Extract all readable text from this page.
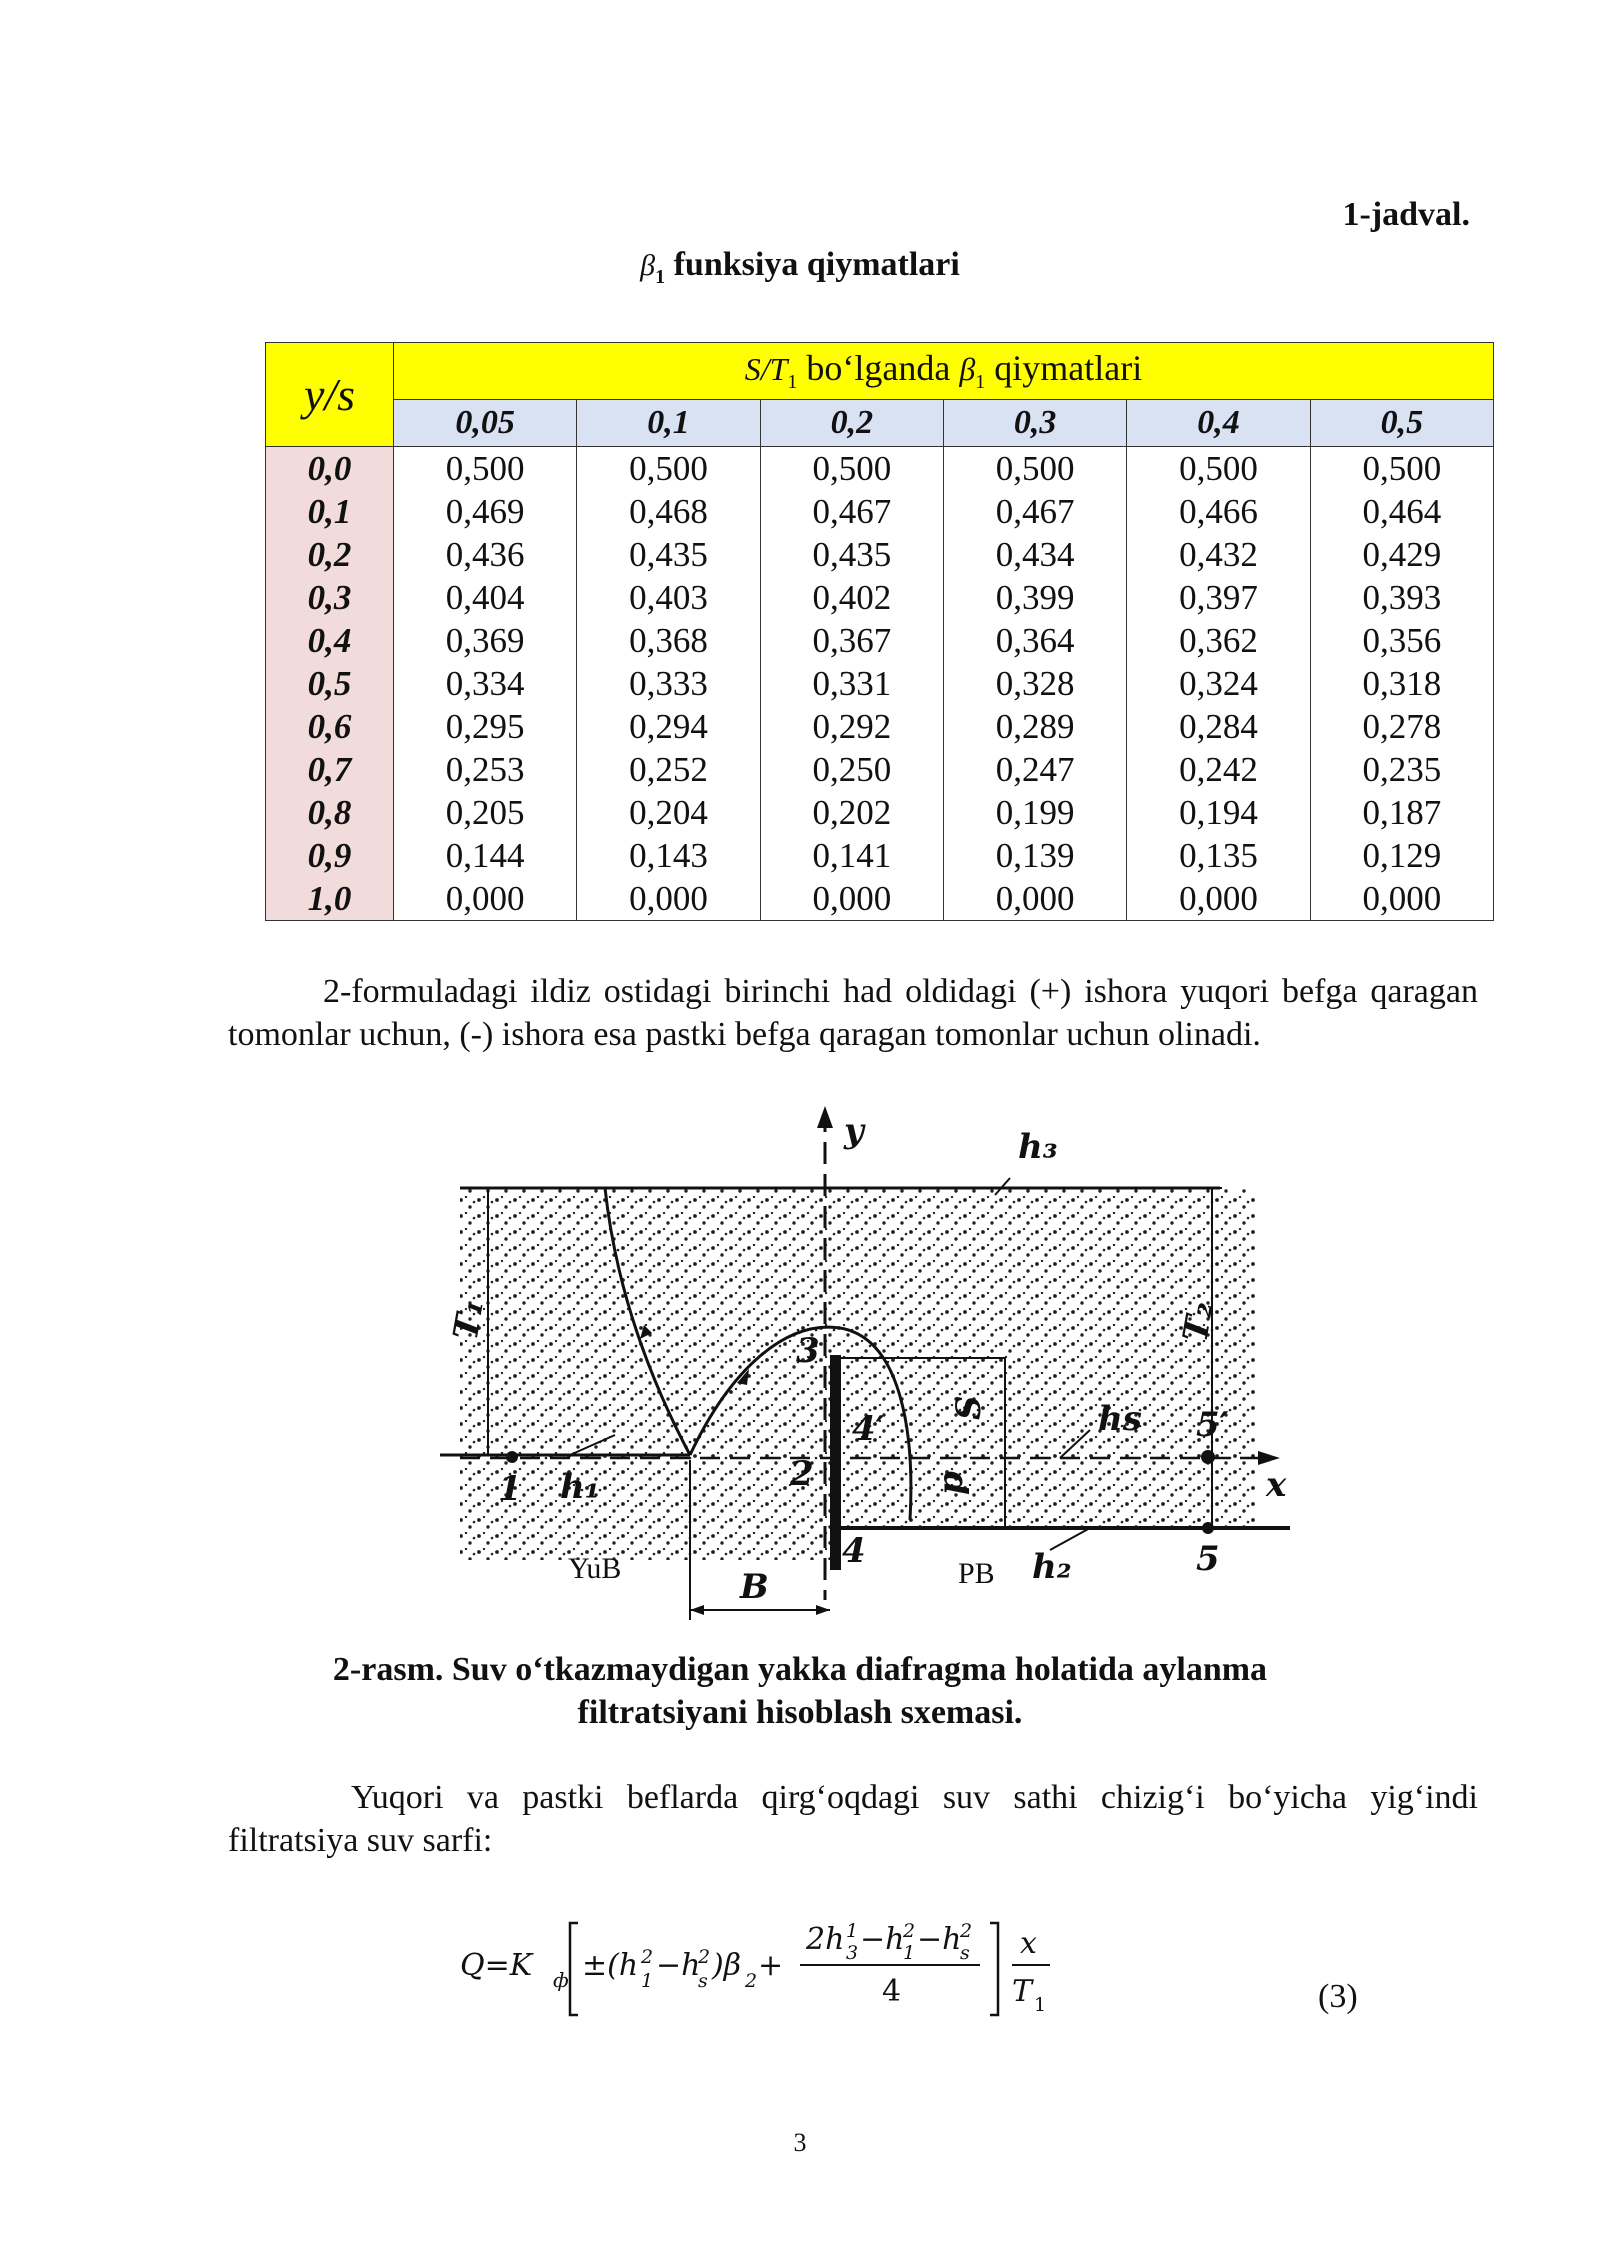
1-jadval.
$\beta_1$ funksiya qiymatlari
y/s	$S/T_1$ bo‘lganda $\beta_1$ qiymatlari					
	0,05	0,1	0,2	0,3	0,4	0,5
0,0	0,500	0,500	0,500	0,500	0,500	0,500
0,1	0,469	0,468	0,467	0,467	0,466	0,464
0,2	0,436	0,435	0,435	0,434	0,432	0,429
0,3	0,404	0,403	0,402	0,399	0,397	0,393
0,4	0,369	0,368	0,367	0,364	0,362	0,356
0,5	0,334	0,333	0,331	0,328	0,324	0,318
0,6	0,295	0,294	0,292	0,289	0,284	0,278
0,7	0,253	0,252	0,250	0,247	0,242	0,235
0,8	0,205	0,204	0,202	0,199	0,194	0,187
0,9	0,144	0,143	0,141	0,139	0,135	0,129
1,0	0,000	0,000	0,000	0,000	0,000	0,000
2-formuladagi ildiz ostidagi birinchi had oldidagi (+) ishora yuqori befga qaragan tomonlar uchun, (-) ishora esa pastki befga qaragan tomonlar uchun olinadi.
y
x
h₃
h₁
h₂
hs
T₁	T₂
S
p
B
1	2
3
4
4′
5
5′
YuB	PB
2-rasm. Suv o‘tkazmaydigan yakka diafragma holatida aylanma
filtratsiyani hisoblash sxemasi.
Yuqori va pastki beflarda qirg‘oqdagi suv sathi chizig‘i bo‘yicha yig‘indi filtratsiya suv sarfi:
Q=K ф ±(h 2
1 −h
2
s )β 2 +
2h 1
3 −h
2
1 −h
2
s
4
x
T 1	(3)
3
